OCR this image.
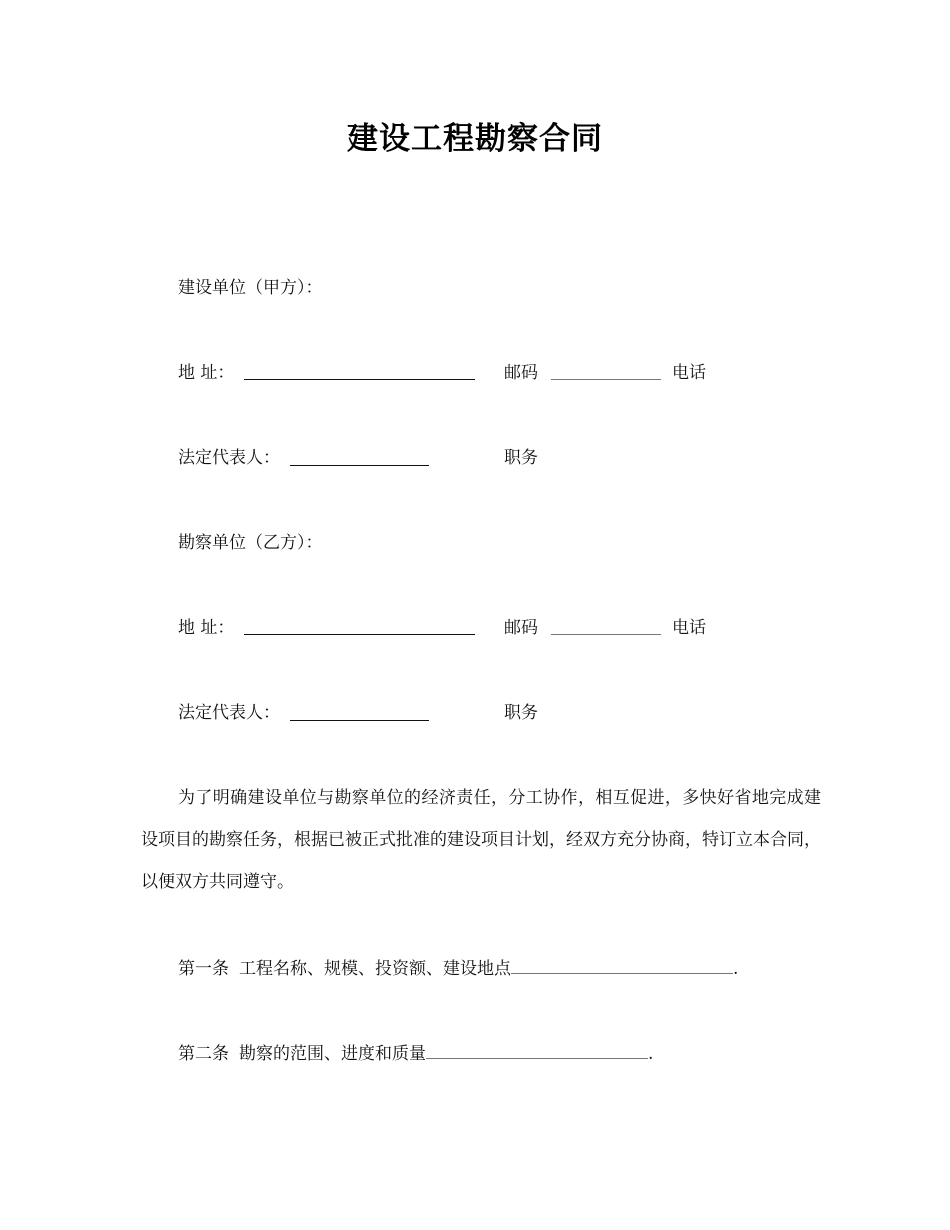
建设工程勘察合同
建设单位（甲方）：
地 址：	邮码	电话
法定代表人：	职务
勘察单位（乙方）：
地 址：	邮码	电话
法定代表人：	职务
为了明确建设单位与勘察单位的经济责任，分工协作，相互促进，多快好省地完成建设项目的勘察任务，根据已被正式批准的建设项目计划，经双方充分协商，特订立本合同，以便双方共同遵守。
第一条 工程名称、规模、投资额、建设地点	.
第二条 勘察的范围、进度和质量	.
